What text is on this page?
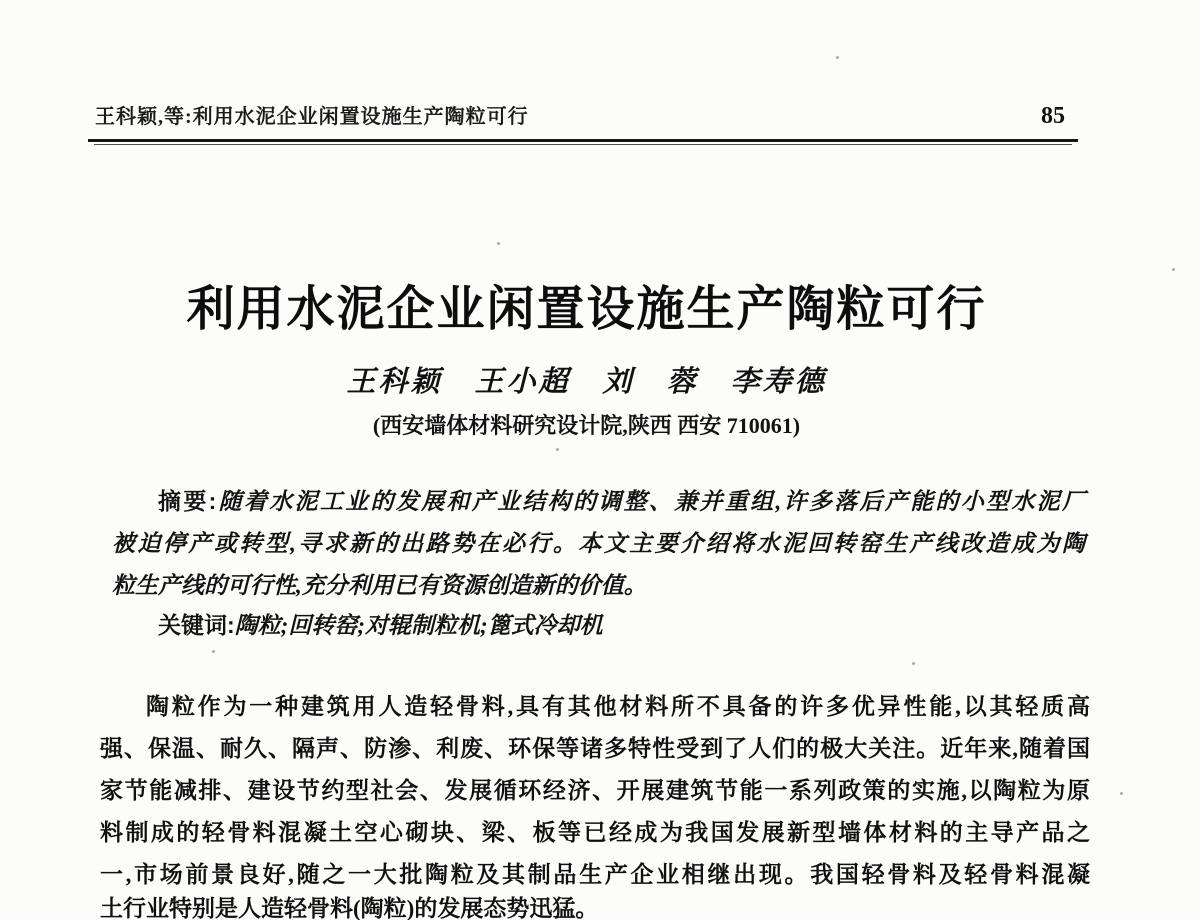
王科颖,等:利用水泥企业闲置设施生产陶粒可行	85
利用水泥企业闲置设施生产陶粒可行
王科颖　王小超　刘　蓉　李寿德
(西安墙体材料研究设计院,陕西 西安 710061)
摘要:随着水泥工业的发展和产业结构的调整、兼并重组,许多落后产能的小型水泥厂
被迫停产或转型,寻求新的出路势在必行。本文主要介绍将水泥回转窑生产线改造成为陶
粒生产线的可行性,充分利用已有资源创造新的价值。
关键词:陶粒;回转窑;对辊制粒机;篦式冷却机
陶粒作为一种建筑用人造轻骨料,具有其他材料所不具备的许多优异性能,以其轻质高
强、保温、耐久、隔声、防渗、利废、环保等诸多特性受到了人们的极大关注。近年来,随着国
家节能减排、建设节约型社会、发展循环经济、开展建筑节能一系列政策的实施,以陶粒为原
料制成的轻骨料混凝土空心砌块、梁、板等已经成为我国发展新型墙体材料的主导产品之
一,市场前景良好,随之一大批陶粒及其制品生产企业相继出现。我国轻骨料及轻骨料混凝
土行业特别是人造轻骨料(陶粒)的发展态势迅猛。
